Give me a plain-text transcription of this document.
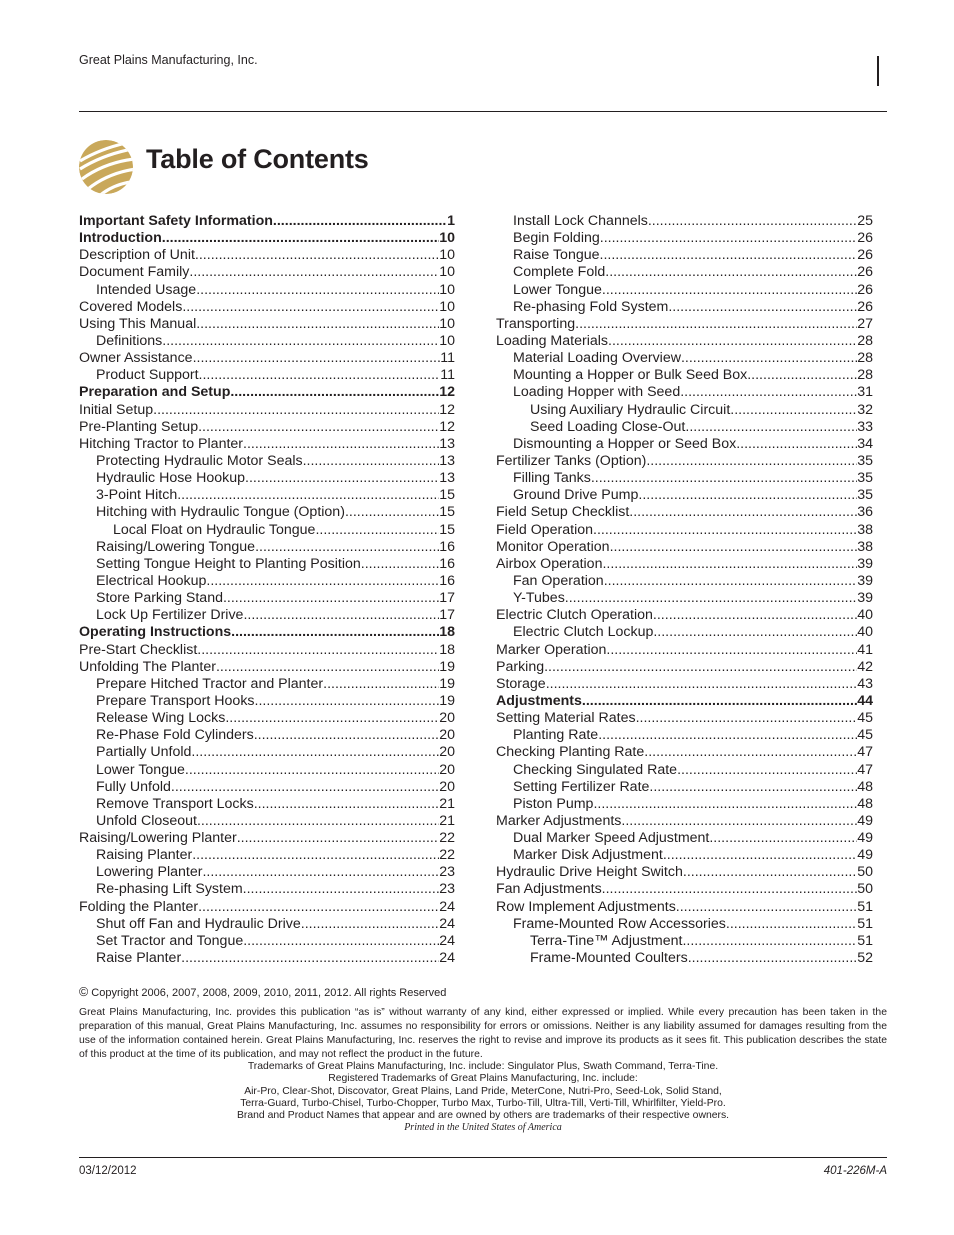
Great Plains Manufacturing, Inc.
Table of Contents
Important Safety Information .....	1
Introduction .....	10
Description of Unit .....	10
Document Family .....	10
Intended Usage .....	10
Covered Models .....	10
Using This Manual .....	10
Definitions .....	10
Owner Assistance .....	11
Product Support .....	11
Preparation and Setup .....	12
Initial Setup .....	12
Pre-Planting Setup .....	12
Hitching Tractor to Planter .....	13
Protecting Hydraulic Motor Seals .....	13
Hydraulic Hose Hookup .....	13
3-Point Hitch .....	15
Hitching with Hydraulic Tongue (Option) .....	15
Local Float on Hydraulic Tongue .....	15
Raising/Lowering Tongue .....	16
Setting Tongue Height to Planting Position .....	16
Electrical Hookup .....	16
Store Parking Stand .....	17
Lock Up Fertilizer Drive .....	17
Operating Instructions .....	18
Pre-Start Checklist .....	18
Unfolding The Planter .....	19
Prepare Hitched Tractor and Planter .....	19
Prepare Transport Hooks .....	19
Release Wing Locks .....	20
Re-Phase Fold Cylinders .....	20
Partially Unfold .....	20
Lower Tongue .....	20
Fully Unfold .....	20
Remove Transport Locks .....	21
Unfold Closeout .....	21
Raising/Lowering Planter .....	22
Raising Planter .....	22
Lowering Planter .....	23
Re-phasing Lift System .....	23
Folding the Planter .....	24
Shut off Fan and Hydraulic Drive .....	24
Set Tractor and Tongue .....	24
Raise Planter .....	24
Install Lock Channels .....	25
Begin Folding .....	26
Raise Tongue .....	26
Complete Fold .....	26
Lower Tongue .....	26
Re-phasing Fold System .....	26
Transporting .....	27
Loading Materials .....	28
Material Loading Overview .....	28
Mounting a Hopper or Bulk Seed Box .....	28
Loading Hopper with Seed .....	31
Using Auxiliary Hydraulic Circuit .....	32
Seed Loading Close-Out .....	33
Dismounting a Hopper or Seed Box .....	34
Fertilizer Tanks (Option) .....	35
Filling Tanks .....	35
Ground Drive Pump .....	35
Field Setup Checklist .....	36
Field Operation .....	38
Monitor Operation .....	38
Airbox Operation .....	39
Fan Operation .....	39
Y-Tubes .....	39
Electric Clutch Operation .....	40
Electric Clutch Lockup .....	40
Marker Operation .....	41
Parking .....	42
Storage .....	43
Adjustments .....	44
Setting Material Rates .....	45
Planting Rate .....	45
Checking Planting Rate .....	47
Checking Singulated Rate .....	47
Setting Fertilizer Rate .....	48
Piston Pump .....	48
Marker Adjustments .....	49
Dual Marker Speed Adjustment .....	49
Marker Disk Adjustment .....	49
Hydraulic Drive Height Switch .....	50
Fan Adjustments .....	50
Row Implement Adjustments .....	51
Frame-Mounted Row Accessories .....	51
Terra-Tine™ Adjustment .....	51
Frame-Mounted Coulters .....	52
© Copyright 2006, 2007, 2008, 2009, 2010, 2011, 2012. All rights Reserved
Great Plains Manufacturing, Inc. provides this publication “as is” without warranty of any kind, either expressed or implied. While every precaution has been taken in the preparation of this manual, Great Plains Manufacturing, Inc. assumes no responsibility for errors or omissions. Neither is any liability assumed for damages resulting from the use of the information contained herein. Great Plains Manufacturing, Inc. reserves the right to revise and improve its products as it sees fit. This publication describes the state of this product at the time of its publication, and may not reflect the product in the future.
Trademarks of Great Plains Manufacturing, Inc. include: Singulator Plus, Swath Command, Terra-Tine.
Registered Trademarks of Great Plains Manufacturing, Inc. include:
Air-Pro, Clear-Shot, Discovator, Great Plains, Land Pride, MeterCone, Nutri-Pro, Seed-Lok, Solid Stand,
Terra-Guard, Turbo-Chisel, Turbo-Chopper, Turbo Max, Turbo-Till, Ultra-Till, Verti-Till, Whirlfilter, Yield-Pro.
Brand and Product Names that appear and are owned by others are trademarks of their respective owners.
Printed in the United States of America
03/12/2012	401-226M-A
